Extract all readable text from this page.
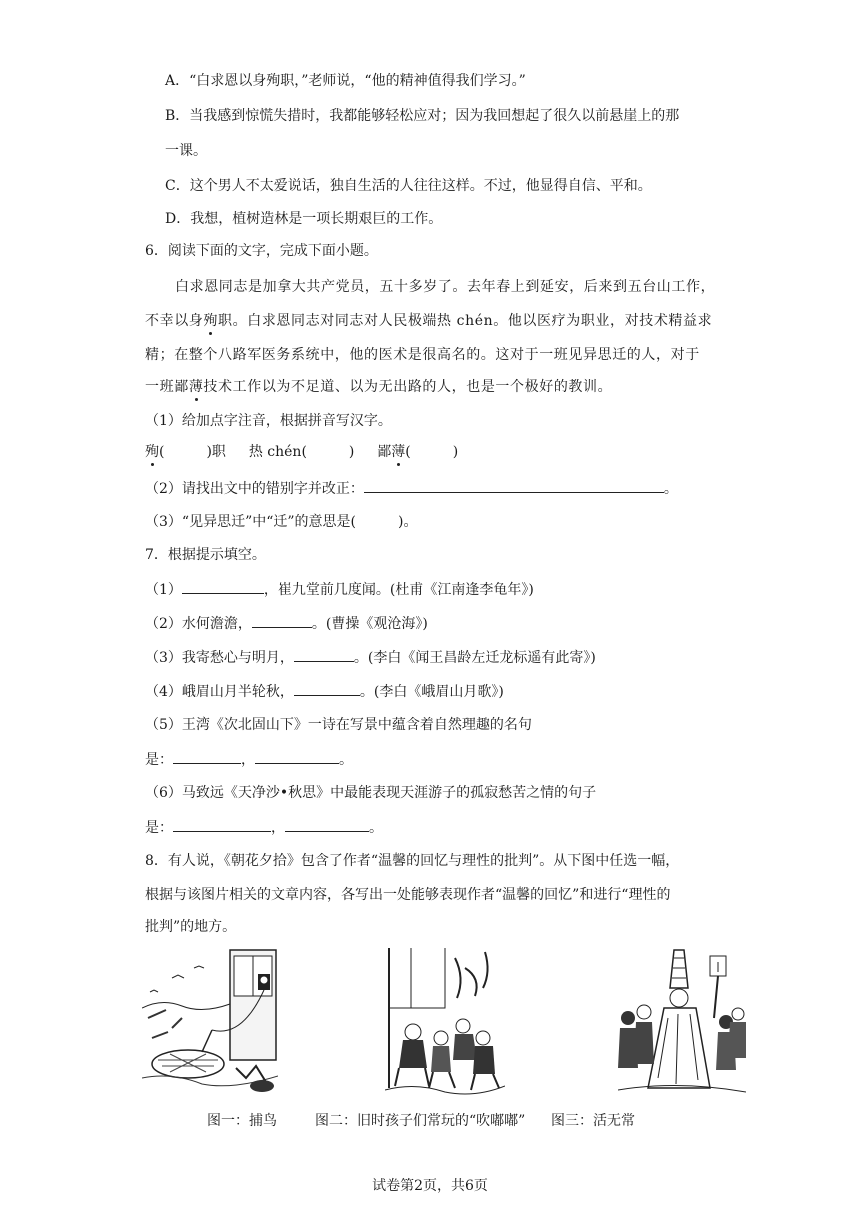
A．“白求恩以身殉职，”老师说，“他的精神值得我们学习。”
B．当我感到惊慌失措时，我都能够轻松应对；因为我回想起了很久以前悬崖上的那
一课。
C．这个男人不太爱说话，独自生活的人往往这样。不过，他显得自信、平和。
D．我想，植树造林是一项长期艰巨的工作。
6．阅读下面的文字，完成下面小题。
白求恩同志是加拿大共产党员，五十多岁了。去年春上到延安，后来到五台山工作，
不幸以身殉职。白求恩同志对同志对人民极端热 chén。他以医疗为职业，对技术精益求
精；在整个八路军医务系统中，他的医术是很高名的。这对于一班见异思迁的人，对于
一班鄙薄技术工作以为不足道、以为无出路的人，也是一个极好的教训。
（1）给加点字注音，根据拼音写汉字。
殉(　　　)职 热 chén(　　　) 鄙薄(　　　)
（2）请找出文中的错别字并改正：	。
（3）“见异思迁”中“迁”的意思是(　　　)。
7．根据提示填空。
（1）	，崔九堂前几度闻。(杜甫《江南逢李龟年》)
（2）水何澹澹，	。(曹操《观沧海》)
（3）我寄愁心与明月，	。(李白《闻王昌龄左迁龙标遥有此寄》)
（4）峨眉山月半轮秋，	。(李白《峨眉山月歌》)
（5）王湾《次北固山下》一诗在写景中蕴含着自然理趣的名句
是：	，	。
（6）马致远《天净沙•秋思》中最能表现天涯游子的孤寂愁苦之情的句子
是：	，	。
8．有人说，《朝花夕拾》包含了作者“温馨的回忆与理性的批判”。从下图中任选一幅，
根据与该图片相关的文章内容，各写出一处能够表现作者“温馨的回忆”和进行“理性的
批判”的地方。
图一：捕鸟	图二：旧时孩子们常玩的“吹嘟嘟” 图三：活无常
试卷第2页，共6页
